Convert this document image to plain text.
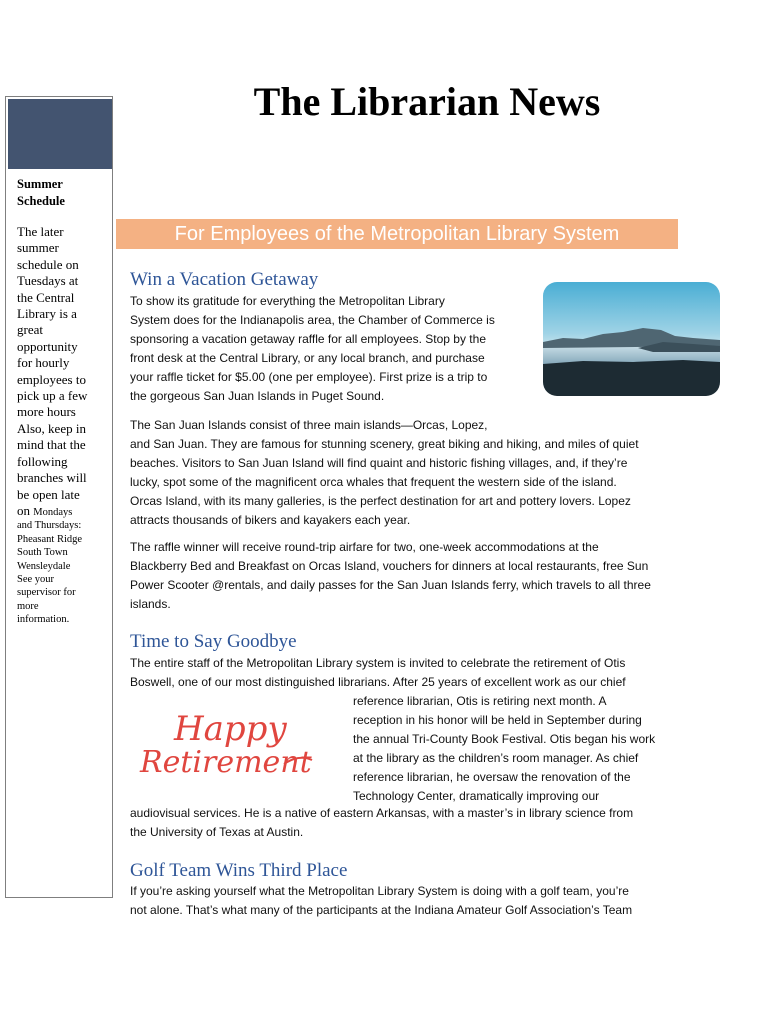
The Librarian News
Summer
Schedule
The later
summer
schedule on
Tuesdays at
the Central
Library is a
great
opportunity
for hourly
employees to
pick up a few
more hours
Also, keep in
mind that the
following
branches will
be open late
on Mondays
and Thursdays:
Pheasant Ridge
South Town
Wensleydale
See your
supervisor for
more
information.
For Employees of the Metropolitan Library System
Win a Vacation Getaway
To show its gratitude for everything the Metropolitan Library
System does for the Indianapolis area, the Chamber of Commerce is
sponsoring a vacation getaway raffle for all employees. Stop by the
front desk at the Central Library, or any local branch, and purchase
your raffle ticket for $5.00 (one per employee). First prize is a trip to
the gorgeous San Juan Islands in Puget Sound.
The San Juan Islands consist of three main islands—Orcas, Lopez,
and San Juan. They are famous for stunning scenery, great biking and hiking, and miles of quiet
beaches. Visitors to San Juan Island will find quaint and historic fishing villages, and, if they’re
lucky, spot some of the magnificent orca whales that frequent the western side of the island.
Orcas Island, with its many galleries, is the perfect destination for art and pottery lovers. Lopez
attracts thousands of bikers and kayakers each year.
The raffle winner will receive round-trip airfare for two, one-week accommodations at the
Blackberry Bed and Breakfast on Orcas Island, vouchers for dinners at local restaurants, free Sun
Power Scooter @rentals, and daily passes for the San Juan Islands ferry, which travels to all three
islands.
Time to Say Goodbye
The entire staff of the Metropolitan Library system is invited to celebrate the retirement of Otis
Boswell, one of our most distinguished librarians. After 25 years of excellent work as our chief
reference librarian, Otis is retiring next month. A
reception in his honor will be held in September during
the annual Tri-County Book Festival. Otis began his work
at the library as the children’s room manager. As chief
reference librarian, he oversaw the renovation of the
Technology Center, dramatically improving our
Happy
Retirement
audiovisual services. He is a native of eastern Arkansas, with a master’s in library science from
the University of Texas at Austin.
Golf Team Wins Third Place
If you’re asking yourself what the Metropolitan Library System is doing with a golf team, you’re
not alone. That’s what many of the participants at the Indiana Amateur Golf Association’s Team
